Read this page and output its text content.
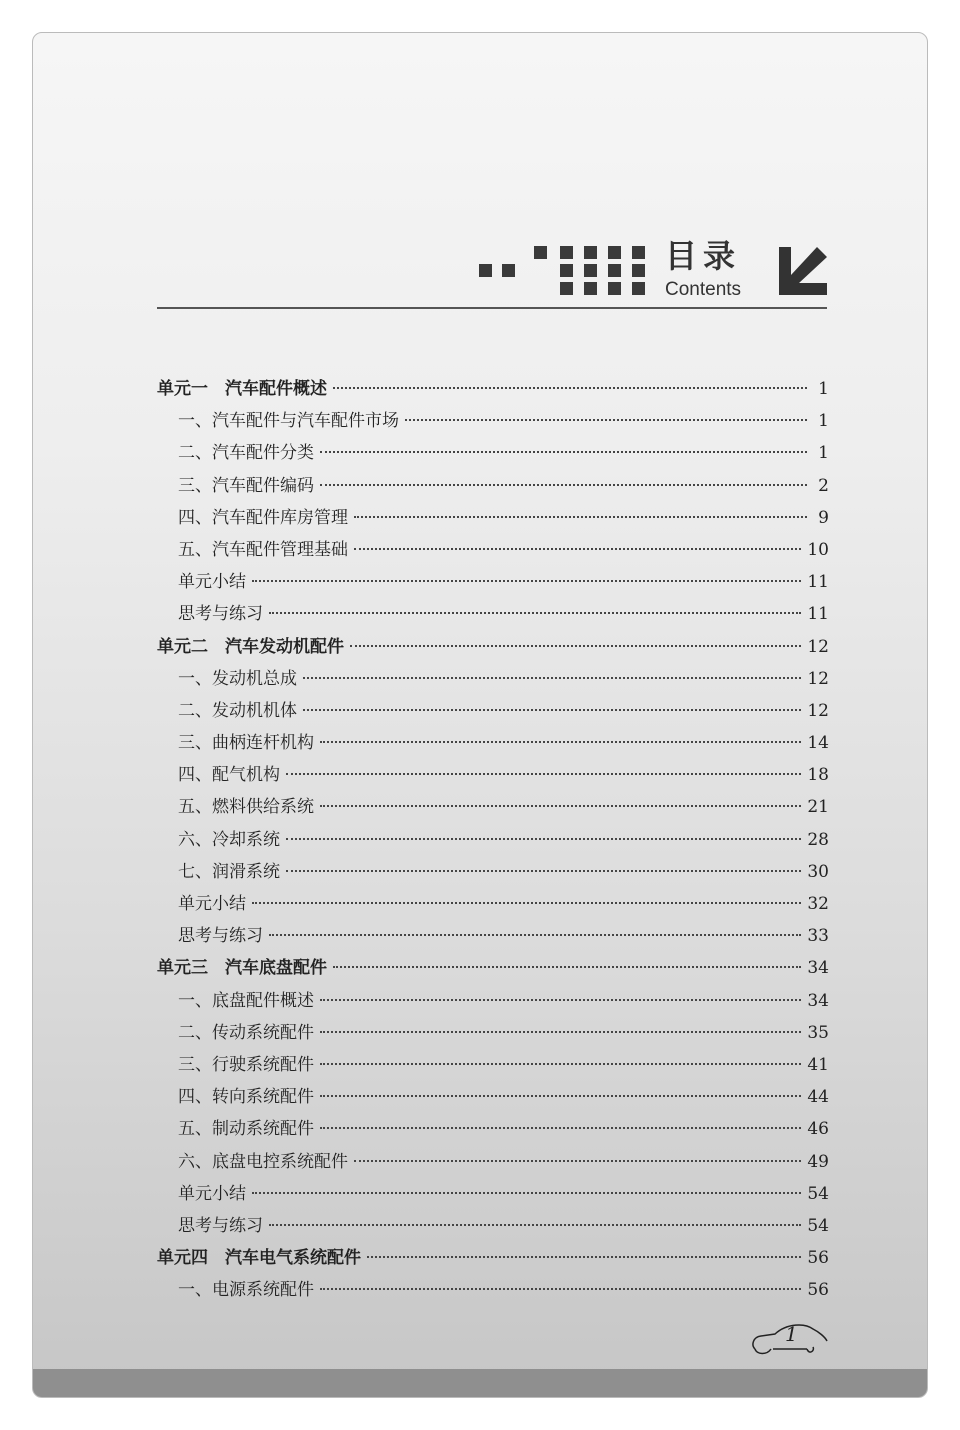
目录
Contents
单元一　汽车配件概述	1
一、汽车配件与汽车配件市场	1
二、汽车配件分类	1
三、汽车配件编码	2
四、汽车配件库房管理	9
五、汽车配件管理基础	10
单元小结	11
思考与练习	11
单元二　汽车发动机配件	12
一、发动机总成	12
二、发动机机体	12
三、曲柄连杆机构	14
四、配气机构	18
五、燃料供给系统	21
六、冷却系统	28
七、润滑系统	30
单元小结	32
思考与练习	33
单元三　汽车底盘配件	34
一、底盘配件概述	34
二、传动系统配件	35
三、行驶系统配件	41
四、转向系统配件	44
五、制动系统配件	46
六、底盘电控系统配件	49
单元小结	54
思考与练习	54
单元四　汽车电气系统配件	56
一、电源系统配件	56
1
